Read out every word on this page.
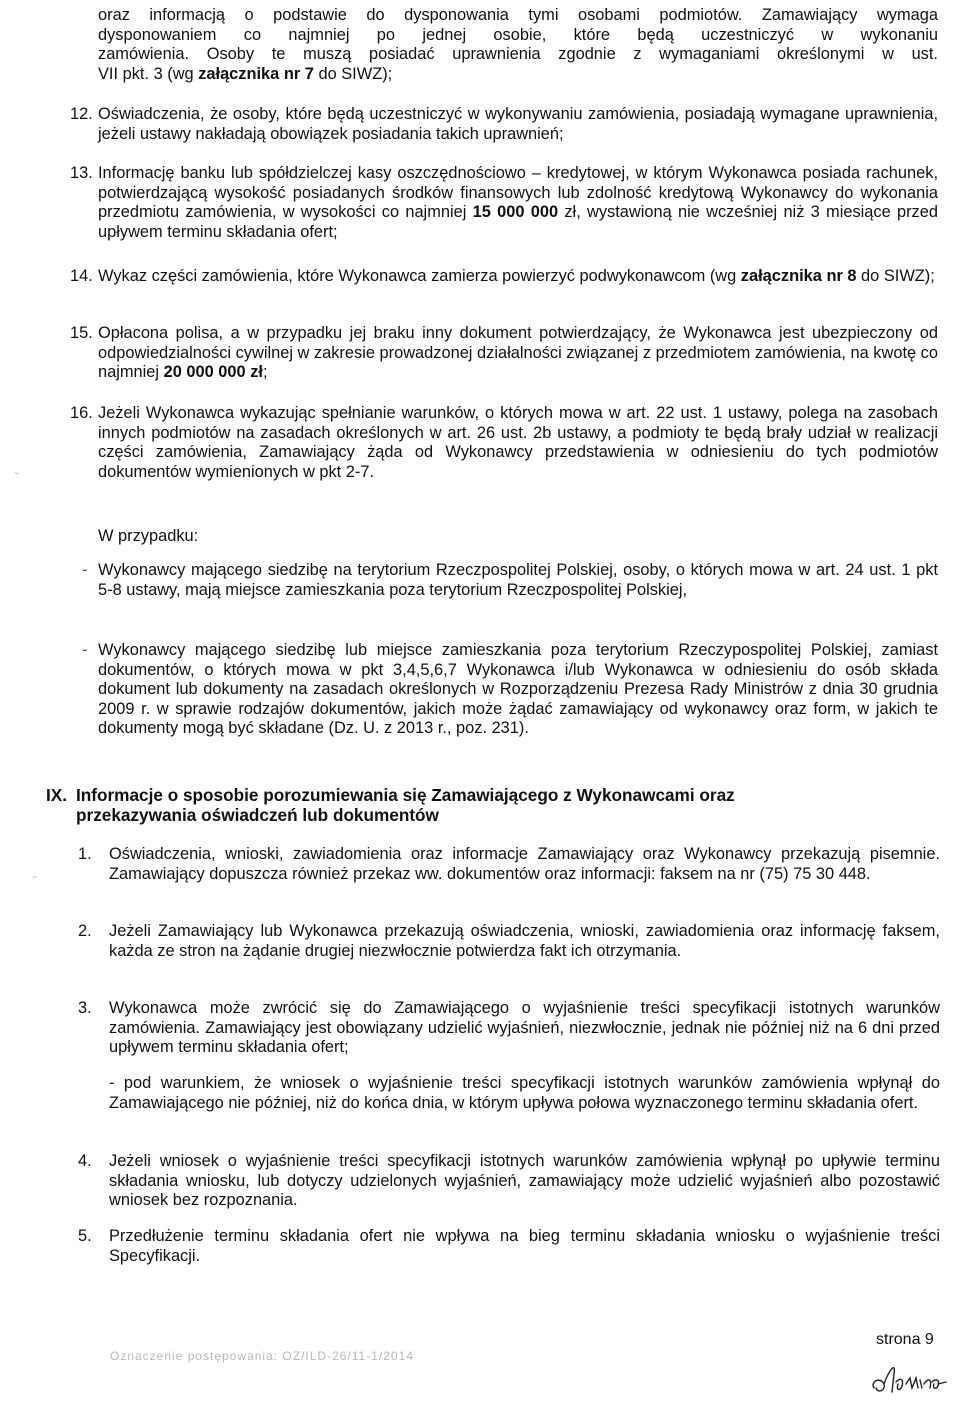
oraz informacją o podstawie do dysponowania tymi osobami podmiotów. Zamawiający wymaga
dysponowaniem co najmniej po jednej osobie, które będą uczestniczyć w wykonaniu
zamówienia. Osoby te muszą posiadać uprawnienia zgodnie z wymaganiami określonymi w ust.
VII pkt. 3 (wg załącznika nr 7 do SIWZ);
12. Oświadczenia, że osoby, które będą uczestniczyć w wykonywaniu zamówienia, posiadają wymagane uprawnienia, jeżeli ustawy nakładają obowiązek posiadania takich uprawnień;
13. Informację banku lub spółdzielczej kasy oszczędnościowo – kredytowej, w którym Wykonawca posiada rachunek, potwierdzającą wysokość posiadanych środków finansowych lub zdolność kredytową Wykonawcy do wykonania przedmiotu zamówienia, w wysokości co najmniej 15 000 000 zł, wystawioną nie wcześniej niż 3 miesiące przed upływem terminu składania ofert;
14. Wykaz części zamówienia, które Wykonawca zamierza powierzyć podwykonawcom (wg załącznika nr 8 do SIWZ);
15. Opłacona polisa, a w przypadku jej braku inny dokument potwierdzający, że Wykonawca jest ubezpieczony od odpowiedzialności cywilnej w zakresie prowadzonej działalności związanej z przedmiotem zamówienia, na kwotę co najmniej 20 000 000 zł;
16. Jeżeli Wykonawca wykazując spełnianie warunków, o których mowa w art. 22 ust. 1 ustawy, polega na zasobach innych podmiotów na zasadach określonych w art. 26 ust. 2b ustawy, a podmioty te będą brały udział w realizacji części zamówienia, Zamawiający żąda od Wykonawcy przedstawienia w odniesieniu do tych podmiotów dokumentów wymienionych w pkt 2-7.
W przypadku:
- Wykonawcy mającego siedzibę na terytorium Rzeczpospolitej Polskiej, osoby, o których mowa w art. 24 ust. 1 pkt 5-8 ustawy, mają miejsce zamieszkania poza terytorium Rzeczpospolitej Polskiej,
- Wykonawcy mającego siedzibę lub miejsce zamieszkania poza terytorium Rzeczypospolitej Polskiej, zamiast dokumentów, o których mowa w pkt 3,4,5,6,7 Wykonawca i/lub Wykonawca w odniesieniu do osób składa dokument lub dokumenty na zasadach określonych w Rozporządzeniu Prezesa Rady Ministrów z dnia 30 grudnia 2009 r. w sprawie rodzajów dokumentów, jakich może żądać zamawiający od wykonawcy oraz form, w jakich te dokumenty mogą być składane (Dz. U. z 2013 r., poz. 231).
IX. Informacje o sposobie porozumiewania się Zamawiającego z Wykonawcami oraz
przekazywania oświadczeń lub dokumentów
1. Oświadczenia, wnioski, zawiadomienia oraz informacje Zamawiający oraz Wykonawcy przekazują pisemnie. Zamawiający dopuszcza również przekaz ww. dokumentów oraz informacji: faksem na nr (75) 75 30 448.
2. Jeżeli Zamawiający lub Wykonawca przekazują oświadczenia, wnioski, zawiadomienia oraz informację faksem, każda ze stron na żądanie drugiej niezwłocznie potwierdza fakt ich otrzymania.
3. Wykonawca może zwrócić się do Zamawiającego o wyjaśnienie treści specyfikacji istotnych warunków zamówienia. Zamawiający jest obowiązany udzielić wyjaśnień, niezwłocznie, jednak nie później niż na 6 dni przed upływem terminu składania ofert;
- pod warunkiem, że wniosek o wyjaśnienie treści specyfikacji istotnych warunków zamówienia wpłynął do Zamawiającego nie później, niż do końca dnia, w którym upływa połowa wyznaczonego terminu składania ofert.
4. Jeżeli wniosek o wyjaśnienie treści specyfikacji istotnych warunków zamówienia wpłynął po upływie terminu składania wniosku, lub dotyczy udzielonych wyjaśnień, zamawiający może udzielić wyjaśnień albo pozostawić wniosek bez rozpoznania.
5. Przedłużenie terminu składania ofert nie wpływa na bieg terminu składania wniosku o wyjaśnienie treści Specyfikacji.
~
~
Oznaczenie postępowania: OZ/ILD-26/11-1/2014
strona 9
